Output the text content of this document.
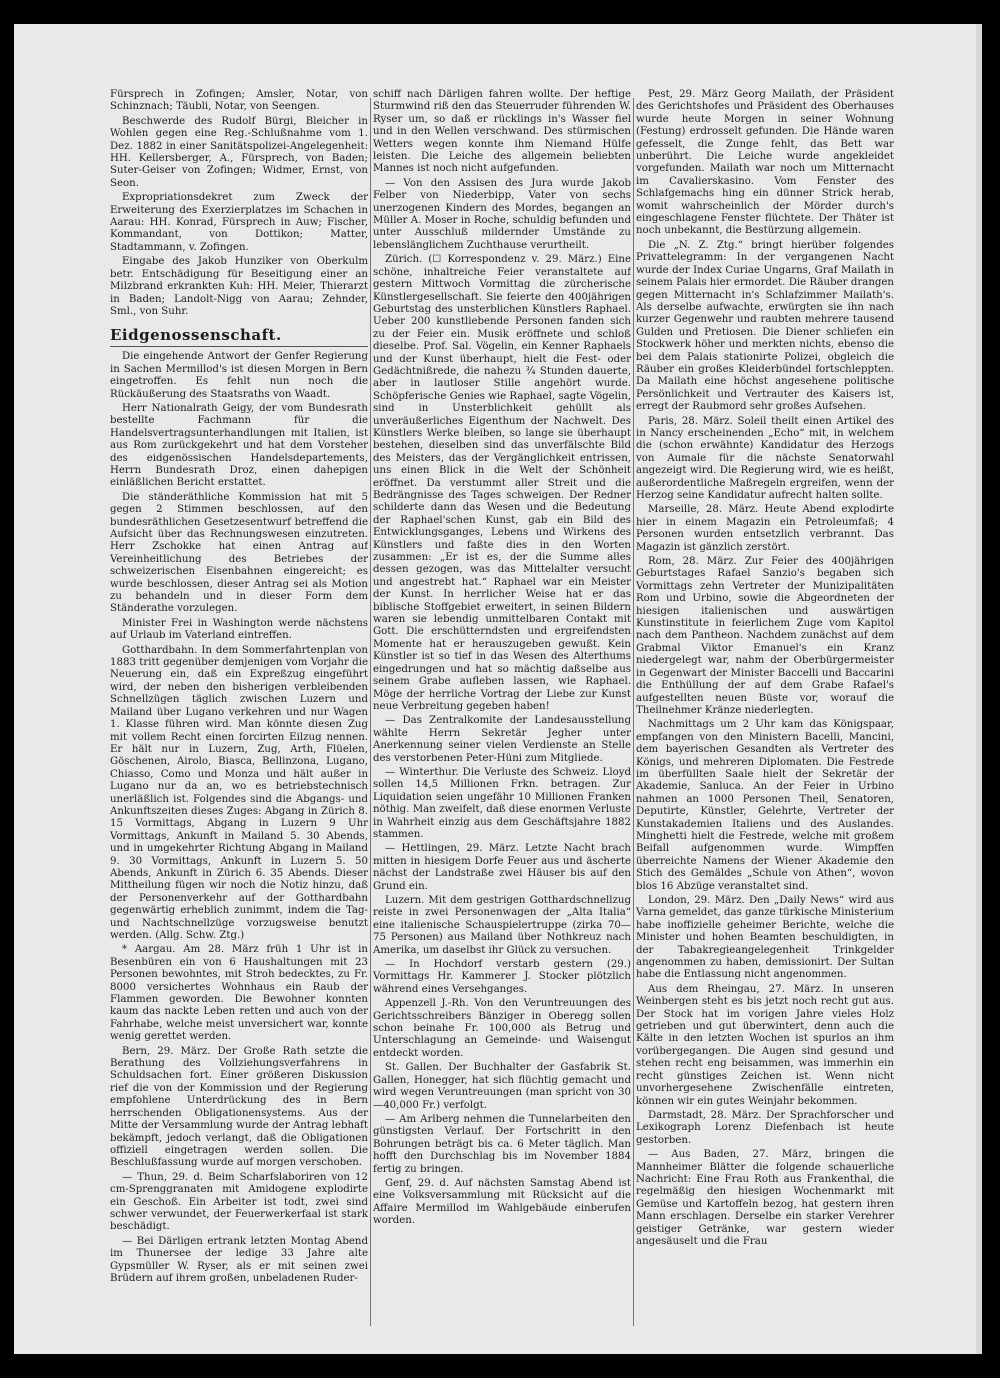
Fürsprech in Zofingen; Amsler, Notar, von Schinznach; Täubli, Notar, von Seengen.

Beschwerde des Rudolf Bürgi, Bleicher in Wohlen gegen eine Reg.-Schlußnahme vom 1. Dez. 1882 in einer Sanitätspolizei-Angelegenheit: HH. Kellersberger, A., Fürsprech, von Baden; Suter-Geiser von Zofingen; Widmer, Ernst, von Seon.

Expropriationsdekret zum Zweck der Erweiterung des Exerzierplatzes im Schachen in Aarau: HH. Konrad, Fürsprech in Auw; Fischer, Kommandant, von Dottikon; Matter, Stadtammann, v. Zofingen.

Eingabe des Jakob Hunziker von Oberkulm betr. Entschädigung für Beseitigung einer an Milzbrand erkrankten Kuh: HH. Meier, Thierarzt in Baden; Landolt-Nigg von Aarau; Zehnder, Sml., von Suhr.

Eidgenossenschaft.

Die eingehende Antwort der Genfer Regierung in Sachen Mermillod's ist diesen Morgen in Bern eingetroffen. Es fehlt nun noch die Rückäußerung des Staatsraths von Waadt.

Herr Nationalrath Geigy, der vom Bundesrath bestellte Fachmann für die Handelsvertragsunterhandlungen mit Italien, ist aus Rom zurückgekehrt und hat dem Vorsteher des eidgenössischen Handelsdepartements, Herrn Bundesrath Droz, einen dahерigen einläßlichen Bericht erstattet.

Die ständeräthliche Kommission hat mit 5 gegen 2 Stimmen beschlossen, auf den bundesräthlichen Gesetzesentwurf betreffend die Aufsicht über das Rechnungswesen einzutreten. Herr Zschokke hat einen Antrag auf Vereinheitlichung des Betriebes der schweizerischen Eisenbahnen eingereicht; es wurde beschlossen, dieser Antrag sei als Motion zu behandeln und in dieser Form dem Ständerathe vorzulegen.

Minister Frei in Washington werde nächstens auf Urlaub im Vaterland eintreffen.

Gotthardbahn. In dem Sommerfahrtenplan von 1883 tritt gegenüber demjenigen vom Vorjahr die Neuerung ein, daß ein Expreßzug eingeführt wird, der neben den bisherigen verbleibenden Schnellzügen täglich zwischen Luzern und Mailand über Lugano verkehren und nur Wagen 1. Klasse führen wird. Man könnte diesen Zug mit vollem Recht einen forcirten Eilzug nennen. Er hält nur in Luzern, Zug, Arth, Flüelen, Göschenen, Airolo, Biasca, Bellinzona, Lugano, Chiasso, Como und Monza und hält außer in Lugano nur da an, wo es betriebstechnisch unerläßlich ist. Folgendes sind die Abgangs- und Ankunftszeiten dieses Zuges: Abgang in Zürich 8. 15 Vormittags, Abgang in Luzern 9 Uhr Vormittags, Ankunft in Mailand 5. 30 Abends, und in umgekehrter Richtung Abgang in Mailand 9. 30 Vormittags, Ankunft in Luzern 5. 50 Abends, Ankunft in Zürich 6. 35 Abends. Dieser Mittheilung fügen wir noch die Notiz hinzu, daß der Personenverkehr auf der Gotthardbahn gegenwärtig erheblich zunimmt, indem die Tag- und Nachtschnellzüge vorzugsweise benutzt werden. (Allg. Schw. Ztg.)

* Aargau. Am 28. März früh 1 Uhr ist in Besenbüren ein von 6 Haushaltungen mit 23 Personen bewohntes, mit Stroh bedecktes, zu Fr. 8000 versichertes Wohnhaus ein Raub der Flammen geworden. Die Bewohner konnten kaum das nackte Leben retten und auch von der Fahrhabe, welche meist unversichert war, konnte wenig gerettet werden.

Bern, 29. März. Der Große Rath setzte die Berathung des Vollziehungsverfahrens in Schuldsachen fort. Einer größeren Diskussion rief die von der Kommission und der Regierung empfohlene Unterdrückung des in Bern herrschenden Obligationensystems. Aus der Mitte der Versammlung wurde der Antrag lebhaft bekämpft, jedoch verlangt, daß die Obligationen offiziell eingetragen werden sollen. Die Beschlußfassung wurde auf morgen verschoben.

— Thun, 29. d. Beim Scharfslaboriren von 12 cm-Sprenggranaten mit Amidogene explodirte ein Geschoß. Ein Arbeiter ist todt, zwei sind schwer verwundet, der Feuerwerkerfaal ist stark beschädigt.

— Bei Därligen ertrank letzten Montag Abend im Thunersee der ledige 33 Jahre alte Gypsmüller W. Ryser, als er mit seinen zwei Brüdern auf ihrem großen, unbeladenen Ruder-

schiff nach Därligen fahren wollte. Der heftige Sturmwind riß den das Steuerruder führenden W. Ryser um, so daß er rücklings in's Wasser fiel und in den Wellen verschwand. Des stürmischen Wetters wegen konnte ihm Niemand Hülfe leisten. Die Leiche des allgemein beliebten Mannes ist noch nicht aufgefunden.

— Von den Assisen des Jura wurde Jakob Felber von Niederbipp, Vater von sechs unerzogenen Kindern des Mordes, begangen an Müller A. Moser in Roche, schuldig befunden und unter Ausschluß mildernder Umstände zu lebenslänglichem Zuchthause verurtheilt.

Zürich. (☐ Korrespondenz v. 29. März.) Eine schöne, inhaltreiche Feier veranstaltete auf gestern Mittwoch Vormittag die zürcherische Künstlergesellschaft. Sie feierte den 400jährigen Geburtstag des unsterblichen Künstlers Raphael. Ueber 200 kunstliebende Personen fanden sich zu der Feier ein. Musik eröffnete und schloß dieselbe. Prof. Sal. Vögelin, ein Kenner Raphaels und der Kunst überhaupt, hielt die Fest- oder Gedächtnißrede, die nahezu ¾ Stunden dauerte, aber in lautloser Stille angehört wurde. Schöpferische Genies wie Raphael, sagte Vögelin, sind in Unsterblichkeit gehüllt als unveräußerliches Eigenthum der Nachwelt. Des Künstlers Werke bleiben, so lange sie überhaupt bestehen, dieselben sind das unverfälschte Bild des Meisters, das der Vergänglichkeit entrissen, uns einen Blick in die Welt der Schönheit eröffnet. Da verstummt aller Streit und die Bedrängnisse des Tages schweigen. Der Redner schilderte dann das Wesen und die Bedeutung der Raphael'schen Kunst, gab ein Bild des Entwicklungsganges, Lebens und Wirkens des Künstlers und faßte dies in den Worten zusammen: „Er ist es, der die Summe alles dessen gezogen, was das Mittelalter versucht und angestrebt hat.“ Raphael war ein Meister der Kunst. In herrlicher Weise hat er das biblische Stoffgebiet erweitert, in seinen Bildern waren sie lebendig unmittelbaren Contakt mit Gott. Die erschütterndsten und ergreifendsten Momente hat er herauszugeben gewußt. Kein Künstler ist so tief in das Wesen des Alterthums eingedrungen und hat so mächtig daßselbe aus seinem Grabe aufleben lassen, wie Raphael. Möge der herrliche Vortrag der Liebe zur Kunst neue Verbreitung gegeben haben!

— Das Zentralkomite der Landesausstellung wählte Herrn Sekretär Jegher unter Anerkennung seiner vielen Verdienste an Stelle des verstorbenen Peter-Hüni zum Mitgliede.

— Winterthur. Die Verluste des Schweiz. Lloyd sollen 14,5 Millionen Frkn. betragen. Zur Liquidation seien ungefähr 10 Millionen Franken nöthig. Man zweifelt, daß diese enormen Verluste in Wahrheit einzig aus dem Geschäftsjahre 1882 stammen.

— Hettlingen, 29. März. Letzte Nacht brach mitten in hiesigem Dorfe Feuer aus und äscherte nächst der Landstraße zwei Häuser bis auf den Grund ein.

Luzern. Mit dem gestrigen Gotthardschnellzug reiste in zwei Personenwagen der „Alta Italia“ eine italienische Schauspielertruppe (zirka 70—75 Personen) aus Mailand über Nothkreuz nach Amerika, um daselbst ihr Glück zu versuchen.

— In Hochdorf verstarb gestern (29.) Vormittags Hr. Kammerer J. Stocker plötzlich während eines Versehganges.

Appenzell J.-Rh. Von den Veruntreuungen des Gerichtsschreibers Bänziger in Oberegg sollen schon beinahe Fr. 100,000 als Betrug und Unterschlagung an Gemeinde- und Waisengut entdeckt worden.

St. Gallen. Der Buchhalter der Gasfabrik St. Gallen, Honegger, hat sich flüchtig gemacht und wird wegen Veruntreuungen (man spricht von 30—40,000 Fr.) verfolgt.

— Am Arlberg nehmen die Tunnelarbeiten den günstigsten Verlauf. Der Fortschritt in den Bohrungen beträgt bis ca. 6 Meter täglich. Man hofft den Durchschlag bis im November 1884 fertig zu bringen.

Genf, 29. d. Auf nächsten Samstag Abend ist eine Volksversammlung mit Rücksicht auf die Affaire Mermillod im Wahlgebäude einberufen worden.

Pest, 29. März Georg Mailath, der Präsident des Gerichtshofes und Präsident des Oberhauses wurde heute Morgen in seiner Wohnung (Festung) erdrosselt gefunden. Die Hände waren gefesselt, die Zunge fehlt, das Bett war unberührt. Die Leiche wurde angekleidet vorgefunden. Mailath war noch um Mitternacht im Cavalierskasino. Vom Fenster des Schlafgemachs hing ein dünner Strick herab, womit wahrscheinlich der Mörder durch's eingeschlagene Fenster flüchtete. Der Thäter ist noch unbekannt, die Bestürzung allgemein.

Die „N. Z. Ztg.“ bringt hierüber folgendes Privattelegramm: In der vergangenen Nacht wurde der Index Curiae Ungarns, Graf Mailath in seinem Palais hier ermordet. Die Räuber drangen gegen Mitternacht in's Schlafzimmer Mailath's. Als derselbe aufwachte, erwürgten sie ihn nach kurzer Gegenwehr und raubten mehrere tausend Gulden und Pretiosen. Die Diener schliefen ein Stockwerk höher und merkten nichts, ebenso die bei dem Palais stationirte Polizei, obgleich die Räuber ein großes Kleiderbündel fortschleppten. Da Mailath eine höchst angesehene politische Persönlichkeit und Vertrauter des Kaisers ist, erregt der Raubmord sehr großes Aufsehen.

Paris, 28. März. Soleil theilt einen Artikel des in Nancy erscheinenden „Echo“ mit, in welchem die (schon erwähnte) Kandidatur des Herzogs von Aumale für die nächste Senatorwahl angezeigt wird. Die Regierung wird, wie es heißt, außerordentliche Maßregeln ergreifen, wenn der Herzog seine Kandidatur aufrecht halten sollte.

Marseille, 28. März. Heute Abend explodirte hier in einem Magazin ein Petroleumfaß; 4 Personen wurden entsetzlich verbrannt. Das Magazin ist gänzlich zerstört.

Rom, 28. März. Zur Feier des 400jährigen Geburtstages Rafael Sanzio's begaben sich Vormittags zehn Vertreter der Munizipalitäten Rom und Urbino, sowie die Abgeordneten der hiesigen italienischen und auswärtigen Kunstinstitute in feierlichem Zuge vom Kapitol nach dem Pantheon. Nachdem zunächst auf dem Grabmal Viktor Emanuel's ein Kranz niedergelegt war, nahm der Oberbürgermeister in Gegenwart der Minister Baccelli und Baccarini die Enthüllung der auf dem Grabe Rafael's aufgestellten neuen Büste vor, worauf die Theilnehmer Kränze niederlegten.

Nachmittags um 2 Uhr kam das Königspaar, empfangen von den Ministern Bacelli, Mancini, dem bayerischen Gesandten als Vertreter des Königs, und mehreren Diplomaten. Die Festrede im überfüllten Saale hielt der Sekretär der Akademie, Sanluca. An der Feier in Urbino nahmen an 1000 Personen Theil, Senatoren, Deputirte, Künstler, Gelehrte, Vertreter der Kunstakademien Italiens und des Auslandes. Minghetti hielt die Festrede, welche mit großem Beifall aufgenommen wurde. Wimpffen überreichte Namens der Wiener Akademie den Stich des Gemäldes „Schule von Athen“, wovon blos 16 Abzüge veranstaltet sind.

London, 29. März. Den „Daily News“ wird aus Varna gemeldet, das ganze türkische Ministerium habe inoffizielle geheimer Berichte, welche die Minister und hohen Beamten beschuldigten, in der Tabakregieangelegenheit Trinkgelder angenommen zu haben, demissionirt. Der Sultan habe die Entlassung nicht angenommen.

Aus dem Rheingau, 27. März. In unseren Weinbergen steht es bis jetzt noch recht gut aus. Der Stock hat im vorigen Jahre vieles Holz getrieben und gut überwintert, denn auch die Kälte in den letzten Wochen ist spurlos an ihm vorübergegangen. Die Augen sind gesund und stehen recht eng beisammen, was immerhin ein recht günstiges Zeichen ist. Wenn nicht unvorhergesehene Zwischenfälle eintreten, können wir ein gutes Weinjahr bekommen.

Darmstadt, 28. März. Der Sprachforscher und Lexikograph Lorenz Diefenbach ist heute gestorben.

— Aus Baden, 27. März, bringen die Mannheimer Blätter die folgende schauerliche Nachricht: Eine Frau Roth aus Frankenthal, die regelmäßig den hiesigen Wochenmarkt mit Gemüse und Kartoffeln bezog, hat gestern ihren Mann erschlagen. Derselbe ein starker Verehrer geistiger Getränke, war gestern wieder angesäuselt und die Frau
